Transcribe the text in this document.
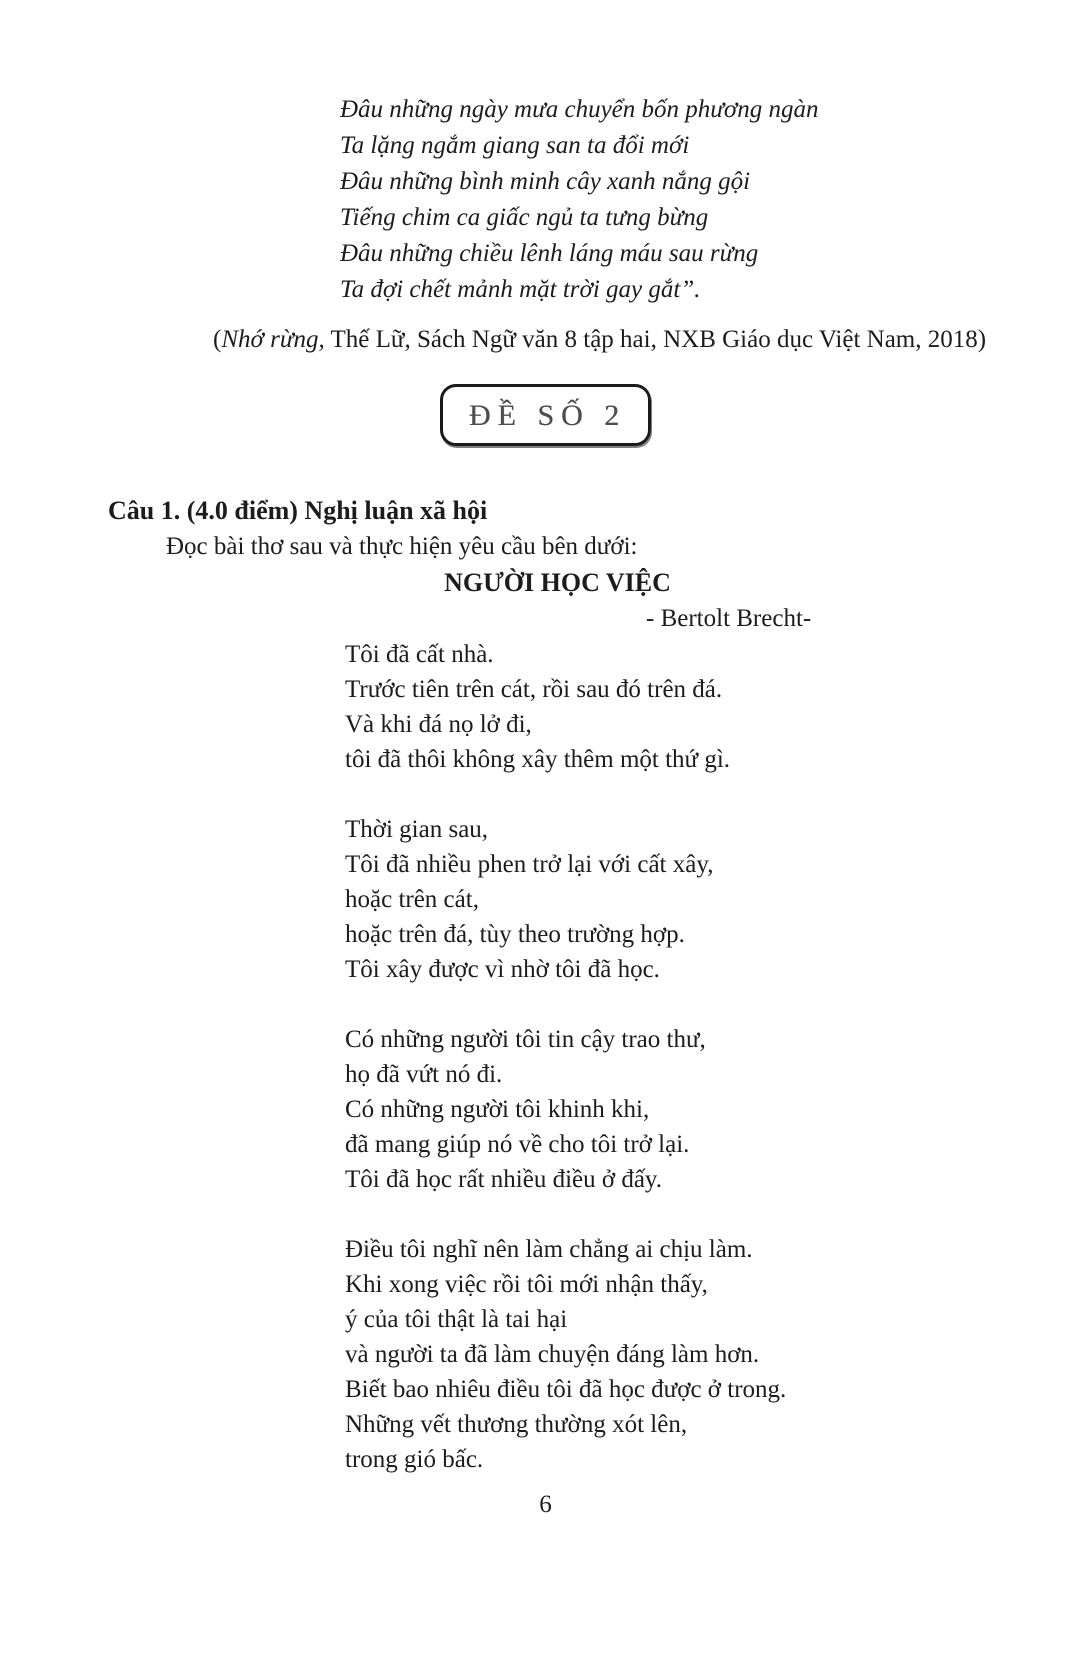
Đâu những ngày mưa chuyển bốn phương ngàn
Ta lặng ngắm giang san ta đổi mới
Đâu những bình minh cây xanh nắng gội
Tiếng chim ca giấc ngủ ta tưng bừng
Đâu những chiều lênh láng máu sau rừng
Ta đợi chết mảnh mặt trời gay gắt”.
(Nhớ rừng, Thế Lữ, Sách Ngữ văn 8 tập hai, NXB Giáo dục Việt Nam, 2018)
ĐỀ SỐ 2
Câu 1. (4.0 điểm) Nghị luận xã hội
Đọc bài thơ sau và thực hiện yêu cầu bên dưới:
NGƯỜI HỌC VIỆC
- Bertolt Brecht-
Tôi đã cất nhà.
Trước tiên trên cát, rồi sau đó trên đá.
Và khi đá nọ lở đi,
tôi đã thôi không xây thêm một thứ gì.
Thời gian sau,
Tôi đã nhiều phen trở lại với cất xây,
hoặc trên cát,
hoặc trên đá, tùy theo trường hợp.
Tôi xây được vì nhờ tôi đã học.
Có những người tôi tin cậy trao thư,
họ đã vứt nó đi.
Có những người tôi khinh khi,
đã mang giúp nó về cho tôi trở lại.
Tôi đã học rất nhiều điều ở đấy.
Điều tôi nghĩ nên làm chẳng ai chịu làm.
Khi xong việc rồi tôi mới nhận thấy,
ý của tôi thật là tai hại
và người ta đã làm chuyện đáng làm hơn.
Biết bao nhiêu điều tôi đã học được ở trong.
Những vết thương thường xót lên,
trong gió bấc.
6
